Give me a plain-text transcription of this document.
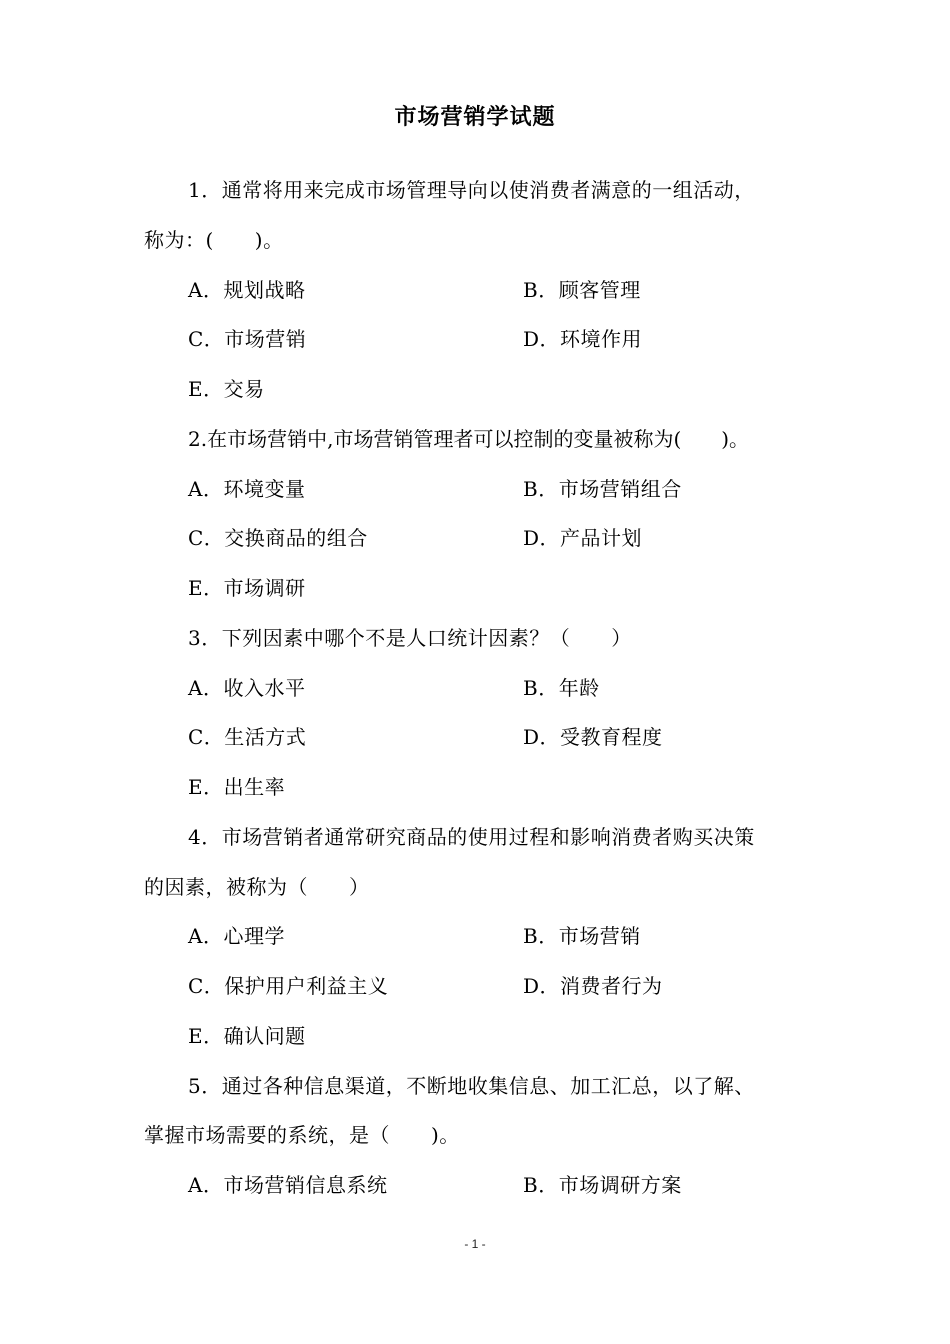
市场营销学试题
1．通常将用来完成市场管理导向以使消费者满意的一组活动，
称为：(　　)。
A．规划战略	B．顾客管理
C．市场营销	D．环境作用
E．交易
2.在市场营销中,市场营销管理者可以控制的变量被称为(　　)。
A．环境变量	B．市场营销组合
C．交换商品的组合	D．产品计划
E．市场调研
3．下列因素中哪个不是人口统计因素？（　　）
A．收入水平	B．年龄
C．生活方式	D．受教育程度
E．出生率
4．市场营销者通常研究商品的使用过程和影响消费者购买决策
的因素，被称为（　　）
A．心理学	B．市场营销
C．保护用户利益主义	D．消费者行为
E．确认问题
5．通过各种信息渠道，不断地收集信息、加工汇总，以了解、
掌握市场需要的系统，是（　　)。
A．市场营销信息系统	B．市场调研方案
- 1 -
